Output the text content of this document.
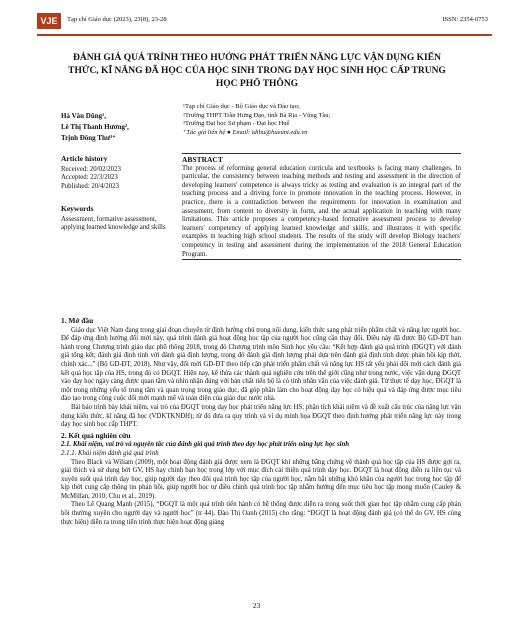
VJE	Tạp chí Giáo dục (2023), 23(8), 23-28	ISSN: 2354-0753
ĐÁNH GIÁ QUÁ TRÌNH THEO HƯỚNG PHÁT TRIỂN NĂNG LỰC VẬN DỤNG KIẾN THỨC, KĨ NĂNG ĐÃ HỌC CỦA HỌC SINH TRONG DẠY HỌC SINH HỌC CẤP TRUNG HỌC PHỔ THÔNG
Hà Văn Dũng¹,
Lê Thị Thanh Hương²,
Trịnh Đông Thư³⁺
¹Tạp chí Giáo dục - Bộ Giáo dục và Đào tạo;
²Trường THPT Trần Hưng Đạo, tỉnh Bà Rịa - Vũng Tàu;
³Trường Đại học Sư phạm - Đại học Huế
⁺Tác giả liên hệ ● Email: tdthu@hueuni.edu.vn
Article history
Received: 20/02/2023
Accepted: 22/3/2023
Published: 20/4/2023
Keywords
Assessment, formative assessment, applying learned knowledge and skills
ABSTRACT
The process of reforming general education curricula and textbooks is facing many challenges. In particular, the consistency between teaching methods and testing and assessment in the direction of developing learners' competence is always tricky as testing and evaluation is an integral part of the teaching process and a driving force to promote innovation in the teaching process. However, in practice, there is a contradiction between the requirements for innovation in examination and assessment, from content to diversity in form, and the actual application in teaching with many limitations. This article proposes a competency-based formative assessment process to develop learners' competency of applying learned knowledge and skills; and illustrates it with specific examples in teaching high school students. The results of the study will develop Biology teachers' competency in testing and assessment during the implementation of the 2018 General Education Program.
1. Mở đầu

Giáo dục Việt Nam đang trong giai đoạn chuyển từ định hướng chú trọng nội dung, kiến thức sang phát triển phẩm chất và năng lực người học. Để đáp ứng định hướng đổi mới này, quá trình đánh giá hoạt động học tập của người học cũng cần thay đổi. Điều này đã được Bộ GD-ĐT ban hành trong Chương trình giáo dục phổ thông 2018, trong đó Chương trình môn Sinh học yêu cầu: “Kết hợp đánh giá quá trình (ĐGQT) với đánh giá tổng kết; đánh giá định tính với đánh giá định lượng, trong đó đánh giá định lượng phải dựa trên đánh giá định tính được phản hồi kịp thời, chính xác...” (Bộ GD-ĐT, 2018). Như vậy, đổi mới GD-ĐT theo tiếp cận phát triển phẩm chất và năng lực HS tất yếu phải đổi mới cách đánh giá kết quả học tập của HS, trong đó có ĐGQT. Hiện nay, kể thừa các thành quả nghiên cứu trên thế giới cũng như trong nước, việc vận dụng ĐGQT vào dạy học ngày càng được quan tâm và nhìn nhận đúng với bản chất tiến bộ là có tính nhân văn của việc đánh giá. Từ thực tế dạy học, ĐGQT là một trong những yếu tố trung tâm và quan trọng trong giáo dục, đã góp phần làm cho hoạt động dạy học có hiệu quả và đáp ứng được mục tiêu đào tạo trong công cuộc đổi mới mạnh mẽ và toàn diện của giáo dục nước nhà.

Bài báo trình bày khái niệm, vai trò của ĐGQT trong dạy học phát triển năng lực HS; phân tích khái niệm và đề xuất cấu trúc của năng lực vận dụng kiến thức, kĩ năng đã học (VDKTKNĐH); từ đó đưa ra quy trình và ví dụ minh họa ĐGQT theo định hướng phát triển năng lực này trong dạy học sinh học cấp THPT.

2. Kết quả nghiên cứu
2.1. Khái niệm, vai trò và nguyên tắc của đánh giá quá trình theo dạy học phát triển năng lực học sinh
2.1.1. Khái niệm đánh giá quá trình

Theo Black và Wiliam (2009), một hoạt động đánh giá được xem là ĐGQT khi những bằng chứng về thành quả học tập của HS được gợi ra, giải thích và sử dụng bởi GV, HS hay chính bạn học trong lớp với mục đích cải thiện quá trình dạy học. ĐGQT là hoạt động diễn ra liên tục và xuyên suốt quá trình dạy học, giúp người dạy theo dõi quá trình học tập của người học, nắm bắt những khó khăn của người học trong học tập để kịp thời cung cấp thông tin phản hồi, giúp người học tự điều chỉnh quá trình học tập nhằm hướng đến mục tiêu học tập mong muốn (Cauley & McMillan, 2010; Chu et al., 2019).

Theo Lê Quang Mạnh (2015), “ĐGQT là một quá trình tiến hành có hệ thống được diễn ra trong suốt thời gian học tập nhằm cung cấp phản hồi thường xuyên cho người dạy và người học” (tr 44). Đào Thị Oanh (2015) cho rằng: “ĐGQT là hoạt động đánh giá (có thể do GV, HS cùng thực hiện) diễn ra trong tiến trình thực hiện hoạt động giảng

23
